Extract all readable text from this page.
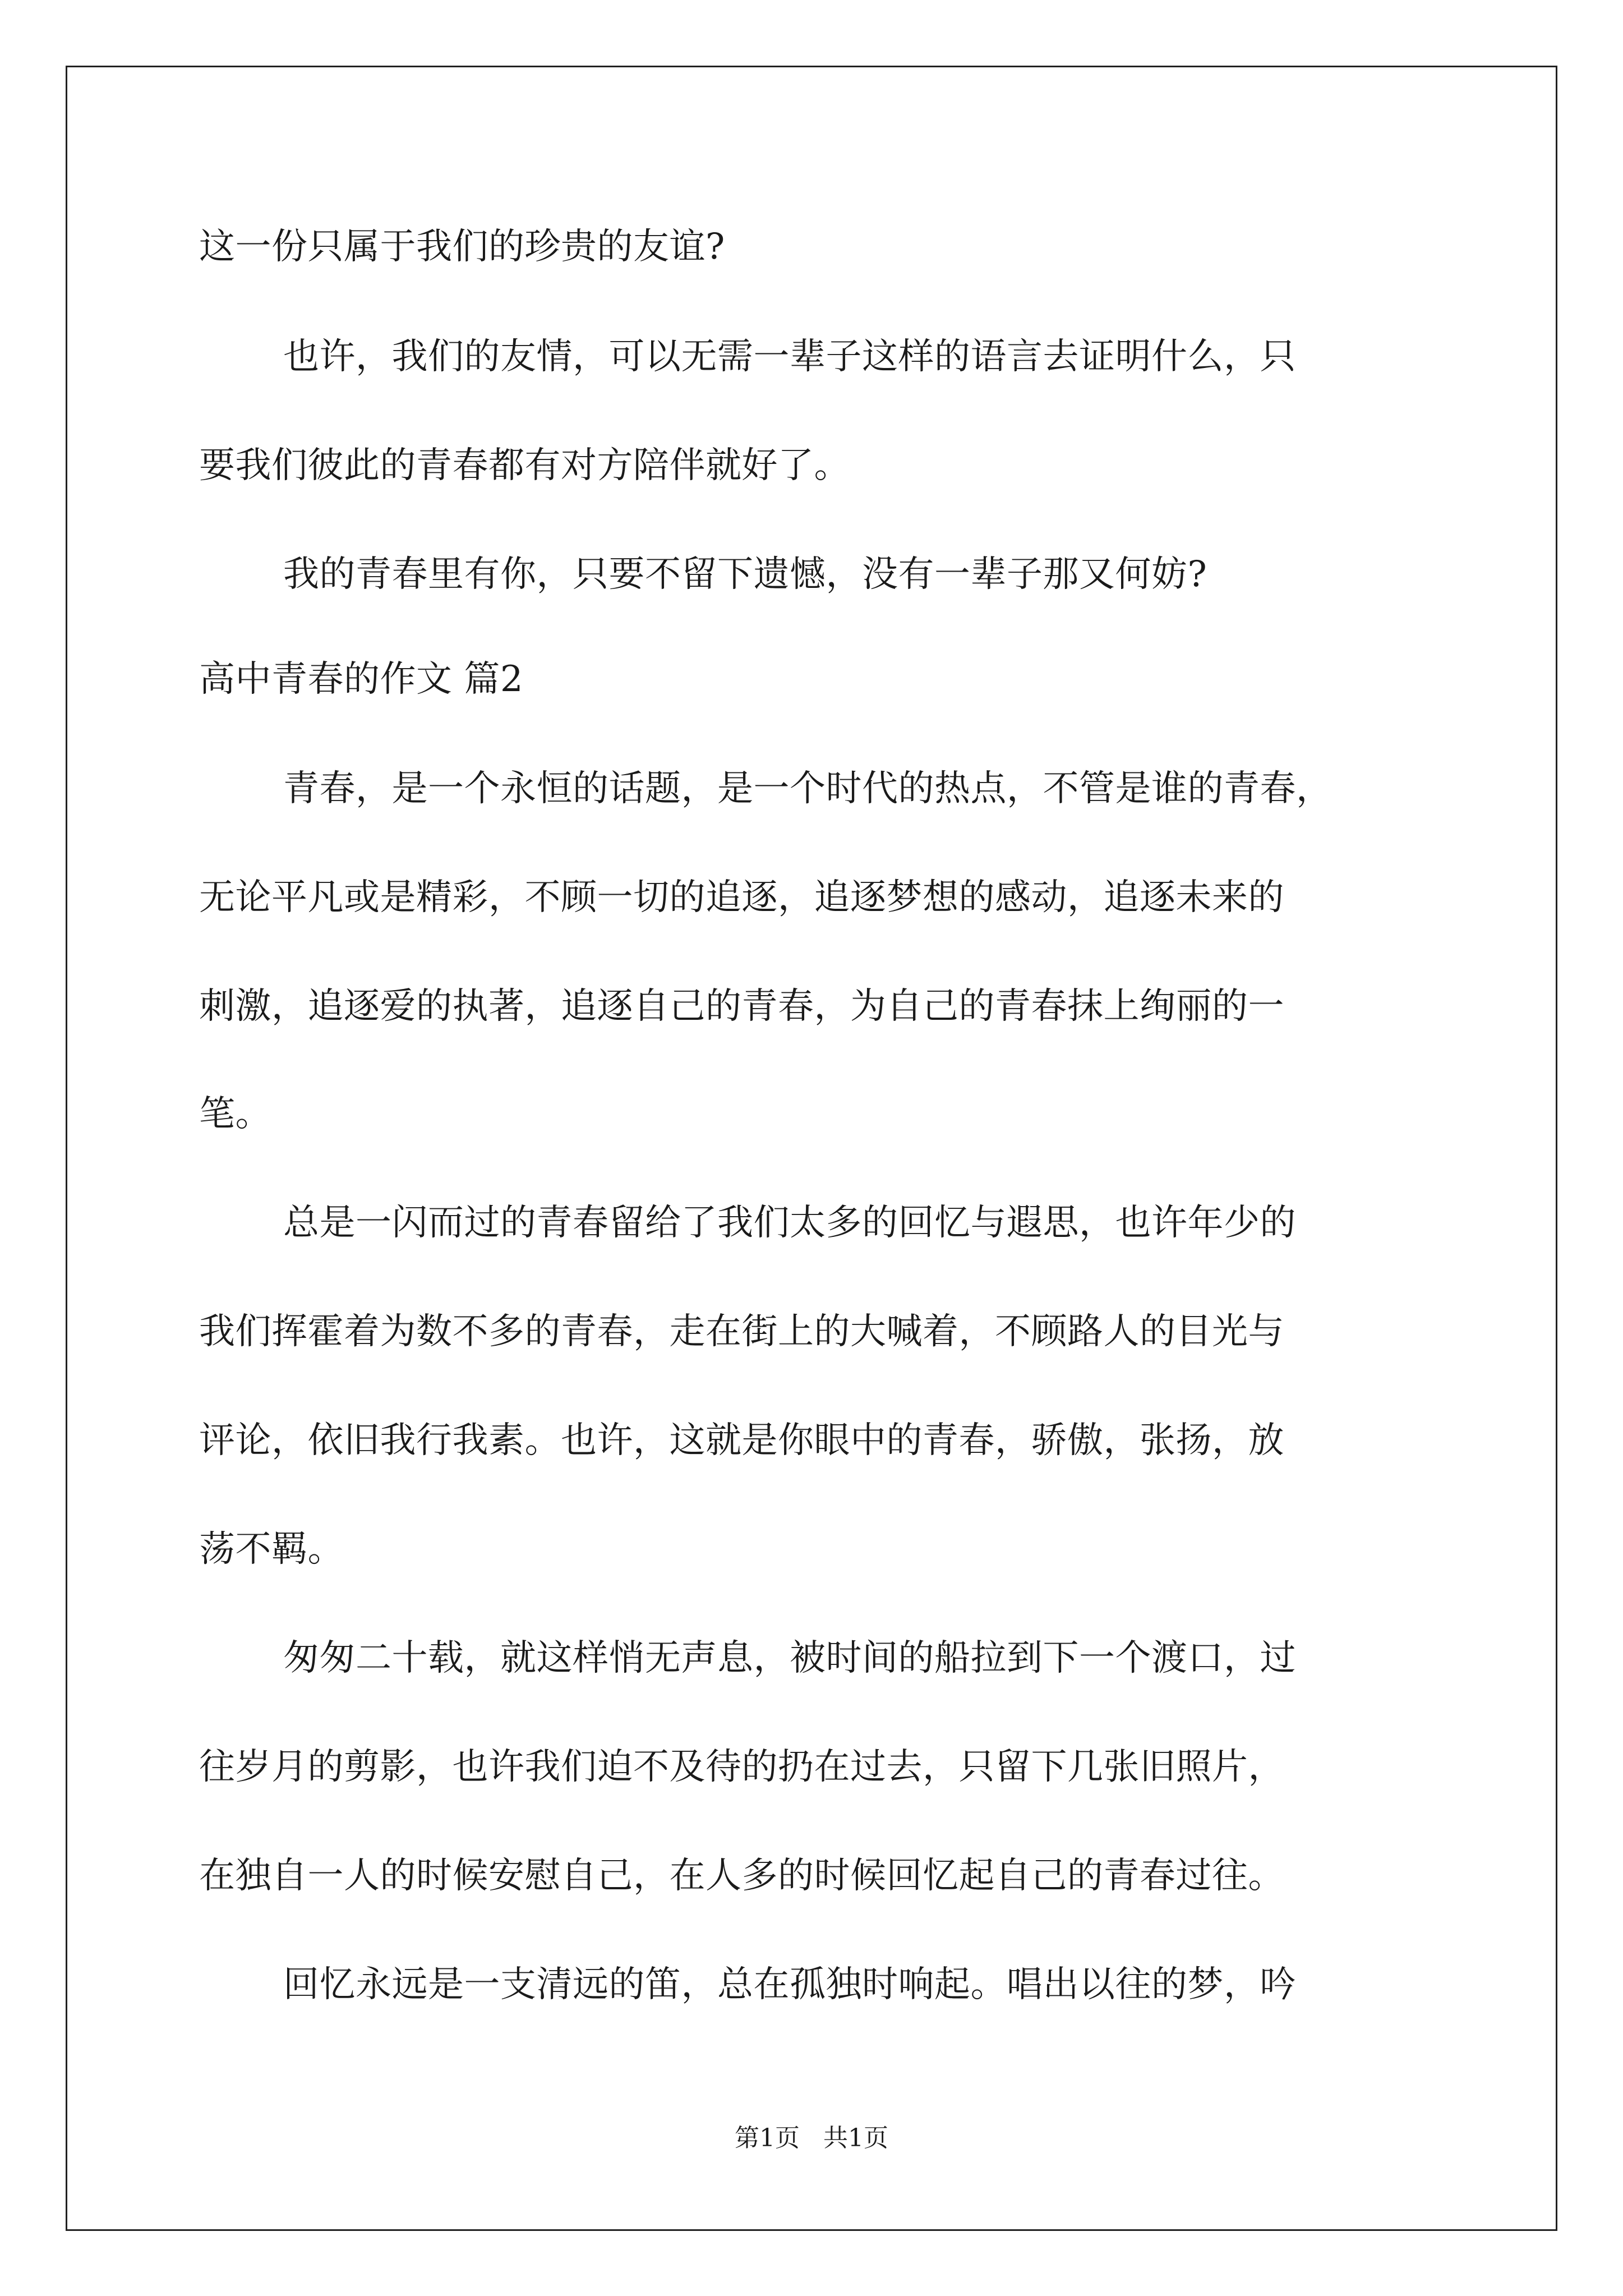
这一份只属于我们的珍贵的友谊?
也许，我们的友情，可以无需一辈子这样的语言去证明什么，只
要我们彼此的青春都有对方陪伴就好了。
我的青春里有你，只要不留下遗憾，没有一辈子那又何妨?
高中青春的作文 篇2
青春，是一个永恒的话题，是一个时代的热点，不管是谁的青春，
无论平凡或是精彩，不顾一切的追逐，追逐梦想的感动，追逐未来的
刺激，追逐爱的执著，追逐自己的青春，为自己的青春抹上绚丽的一
笔。
总是一闪而过的青春留给了我们太多的回忆与遐思，也许年少的
我们挥霍着为数不多的青春，走在街上的大喊着，不顾路人的目光与
评论，依旧我行我素。也许，这就是你眼中的青春，骄傲，张扬，放
荡不羁。
匆匆二十载，就这样悄无声息，被时间的船拉到下一个渡口，过
往岁月的剪影，也许我们迫不及待的扔在过去，只留下几张旧照片，
在独自一人的时候安慰自己，在人多的时候回忆起自己的青春过往。
回忆永远是一支清远的笛，总在孤独时响起。唱出以往的梦，吟
第1页   共1页
